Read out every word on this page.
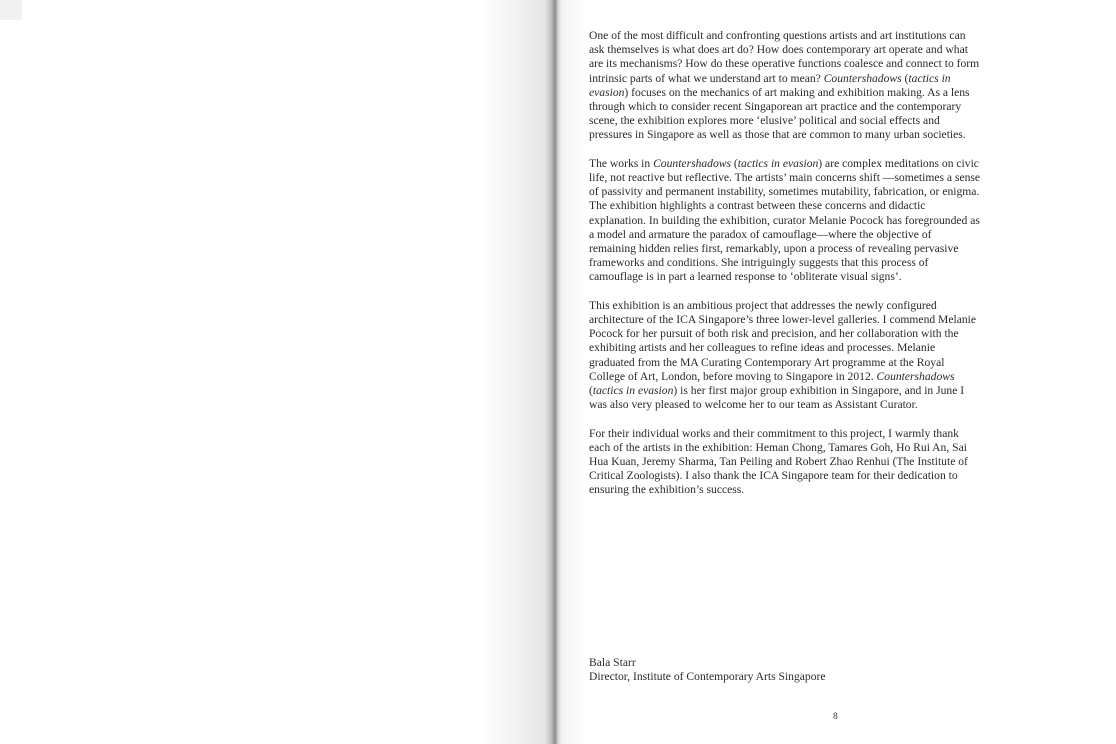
One of the most difficult and confronting questions artists and art institutions can ask themselves is what does art do? How does contemporary art operate and what are its mechanisms? How do these operative functions coalesce and connect to form intrinsic parts of what we understand art to mean? Countershadows (tactics in evasion) focuses on the mechanics of art making and exhibition making. As a lens through which to consider recent Singaporean art practice and the contemporary scene, the exhibition explores more ‘elusive’ political and social effects and pressures in Singapore as well as those that are common to many urban societies.

The works in Countershadows (tactics in evasion) are complex meditations on civic life, not reactive but reflective. The artists’ main concerns shift —sometimes a sense of passivity and permanent instability, sometimes mutability, fabrication, or enigma. The exhibition highlights a contrast between these concerns and didactic explanation. In building the exhibition, curator Melanie Pocock has foregrounded as a model and armature the paradox of camouflage—where the objective of remaining hidden relies first, remarkably, upon a process of revealing pervasive frameworks and conditions. She intriguingly suggests that this process of camouflage is in part a learned response to ‘obliterate visual signs’.

This exhibition is an ambitious project that addresses the newly configured architecture of the ICA Singapore’s three lower-level galleries. I commend Melanie Pocock for her pursuit of both risk and precision, and her collaboration with the exhibiting artists and her colleagues to refine ideas and processes. Melanie graduated from the MA Curating Contemporary Art programme at the Royal College of Art, London, before moving to Singapore in 2012. Countershadows (tactics in evasion) is her first major group exhibition in Singapore, and in June I was also very pleased to welcome her to our team as Assistant Curator.

For their individual works and their commitment to this project, I warmly thank each of the artists in the exhibition: Heman Chong, Tamares Goh, Ho Rui An, Sai Hua Kuan, Jeremy Sharma, Tan Peiling and Robert Zhao Renhui (The Institute of Critical Zoologists). I also thank the ICA Singapore team for their dedication to ensuring the exhibition’s success.

Bala Starr
Director, Institute of Contemporary Arts Singapore
8
